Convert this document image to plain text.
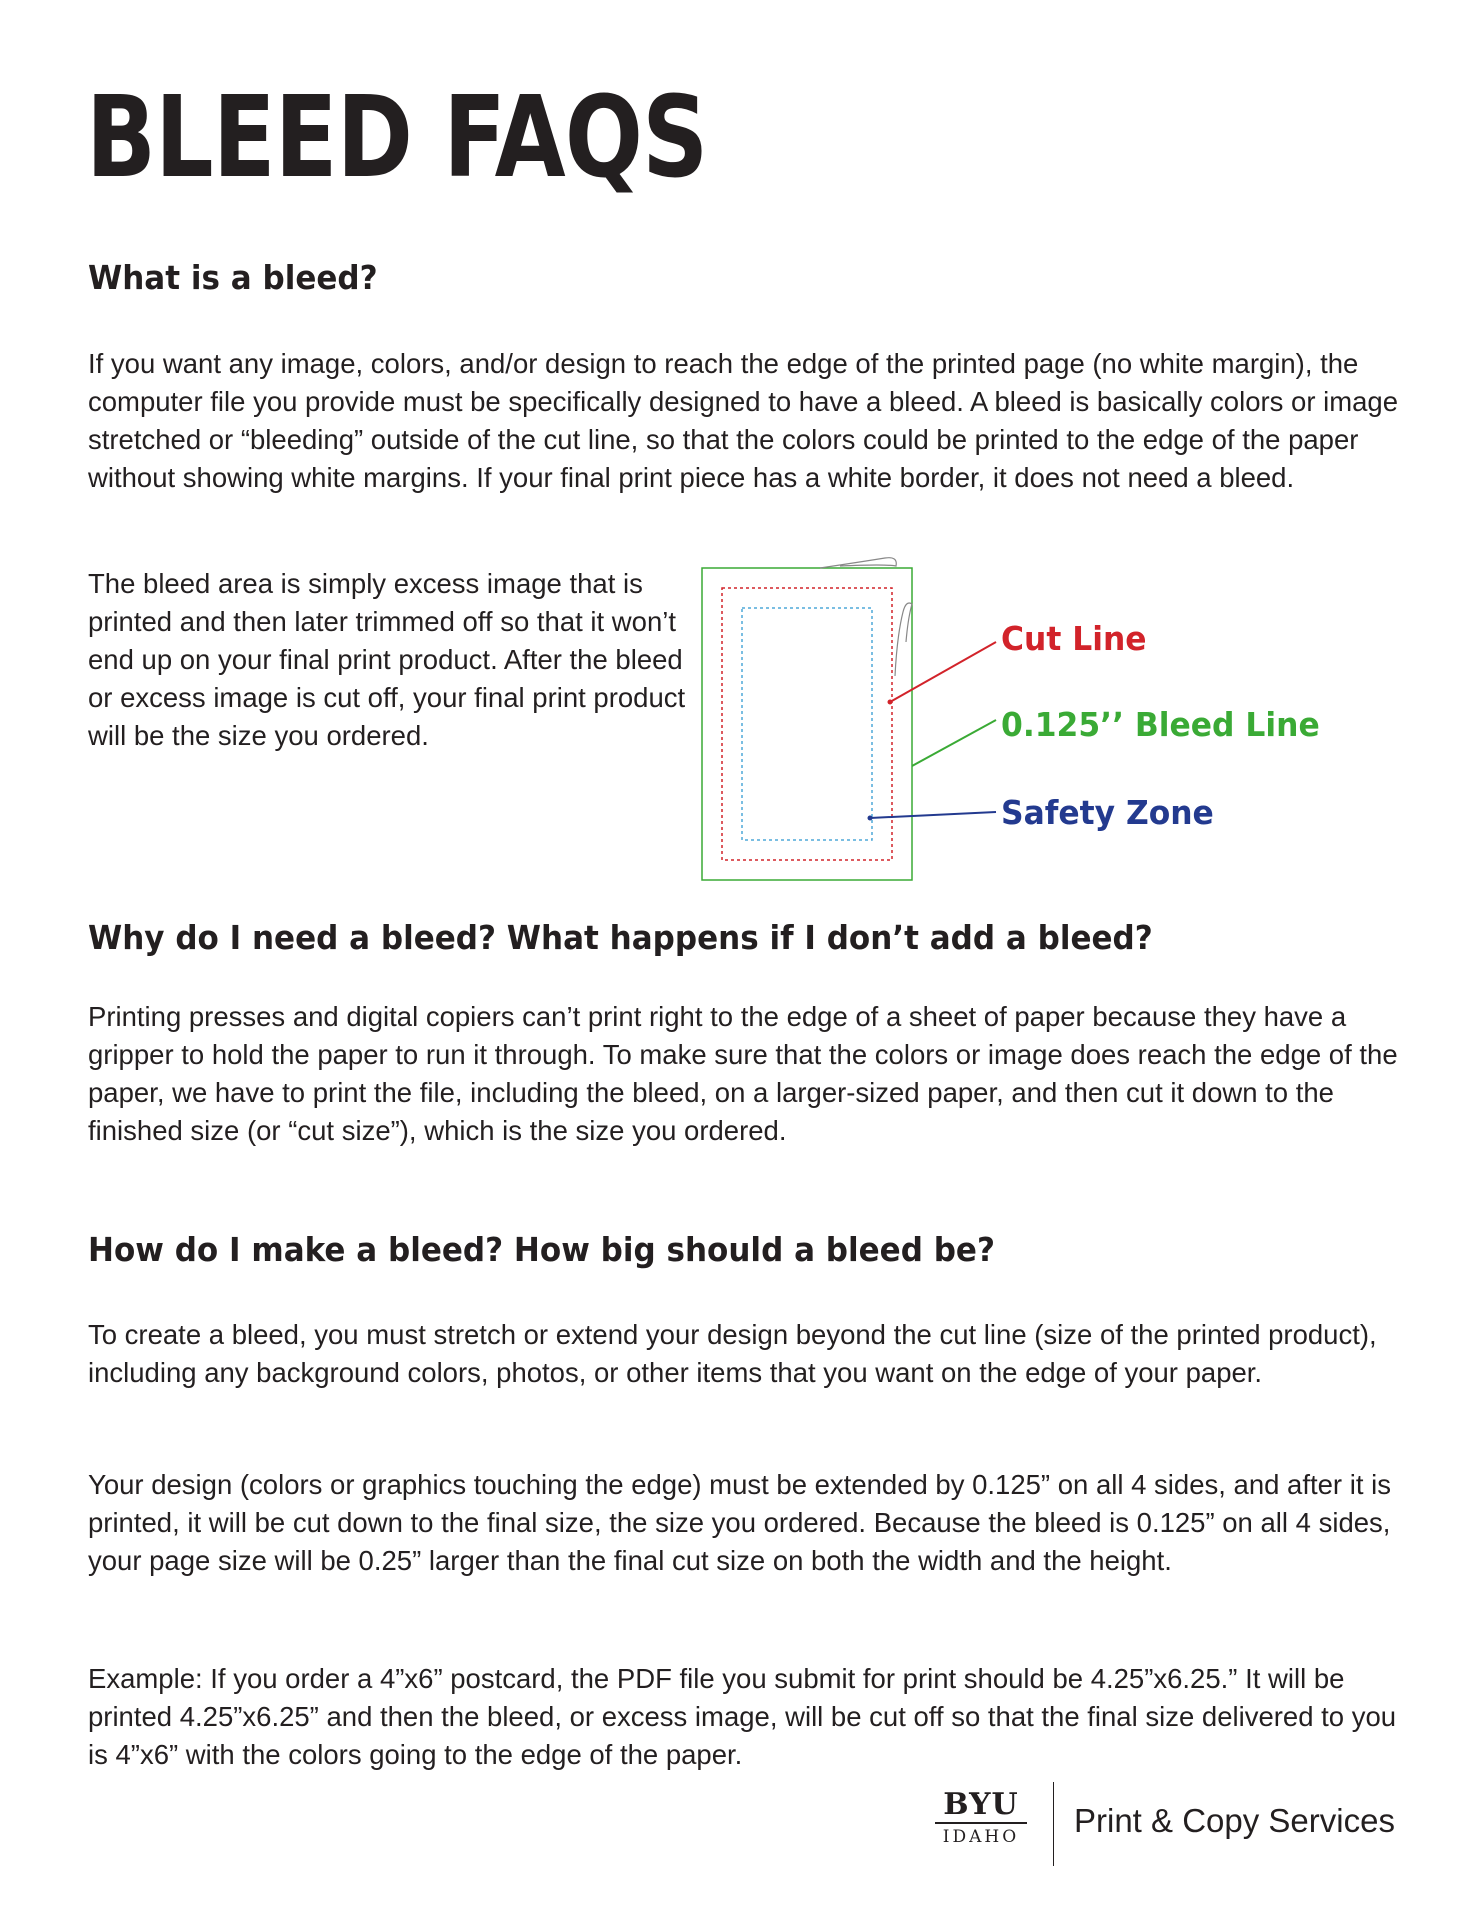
BLEED FAQS
What is a bleed?
If you want any image, colors, and/or design to reach the edge of the printed page (no white margin), the computer file you provide must be specifically designed to have a bleed. A bleed is basically colors or image stretched or “bleeding” outside of the cut line, so that the colors could be printed to the edge of the paper without showing white margins. If your final print piece has a white border, it does not need a bleed.
The bleed area is simply excess image that is printed and then later trimmed off so that it won’t end up on your final print product. After the bleed or excess image is cut off, your final print product will be the size you ordered.
Cut Line
0.125’’ Bleed Line
Safety Zone
Why do I need a bleed? What happens if I don’t add a bleed?
Printing presses and digital copiers can’t print right to the edge of a sheet of paper because they have a gripper to hold the paper to run it through. To make sure that the colors or image does reach the edge of the paper, we have to print the file, including the bleed, on a larger-sized paper, and then cut it down to the finished size (or “cut size”), which is the size you ordered.
How do I make a bleed? How big should a bleed be?
To create a bleed, you must stretch or extend your design beyond the cut line (size of the printed product), including any background colors, photos, or other items that you want on the edge of your paper.
Your design (colors or graphics touching the edge) must be extended by 0.125” on all 4 sides, and after it is printed, it will be cut down to the final size, the size you ordered. Because the bleed is 0.125” on all 4 sides, your page size will be 0.25” larger than the final cut size on both the width and the height.
Example: If you order a 4”x6” postcard, the PDF file you submit for print should be 4.25”x6.25.” It will be printed 4.25”x6.25” and then the bleed, or excess image, will be cut off so that the final size delivered to you is 4”x6” with the colors going to the edge of the paper.
BYU
IDAHO Print & Copy Services
